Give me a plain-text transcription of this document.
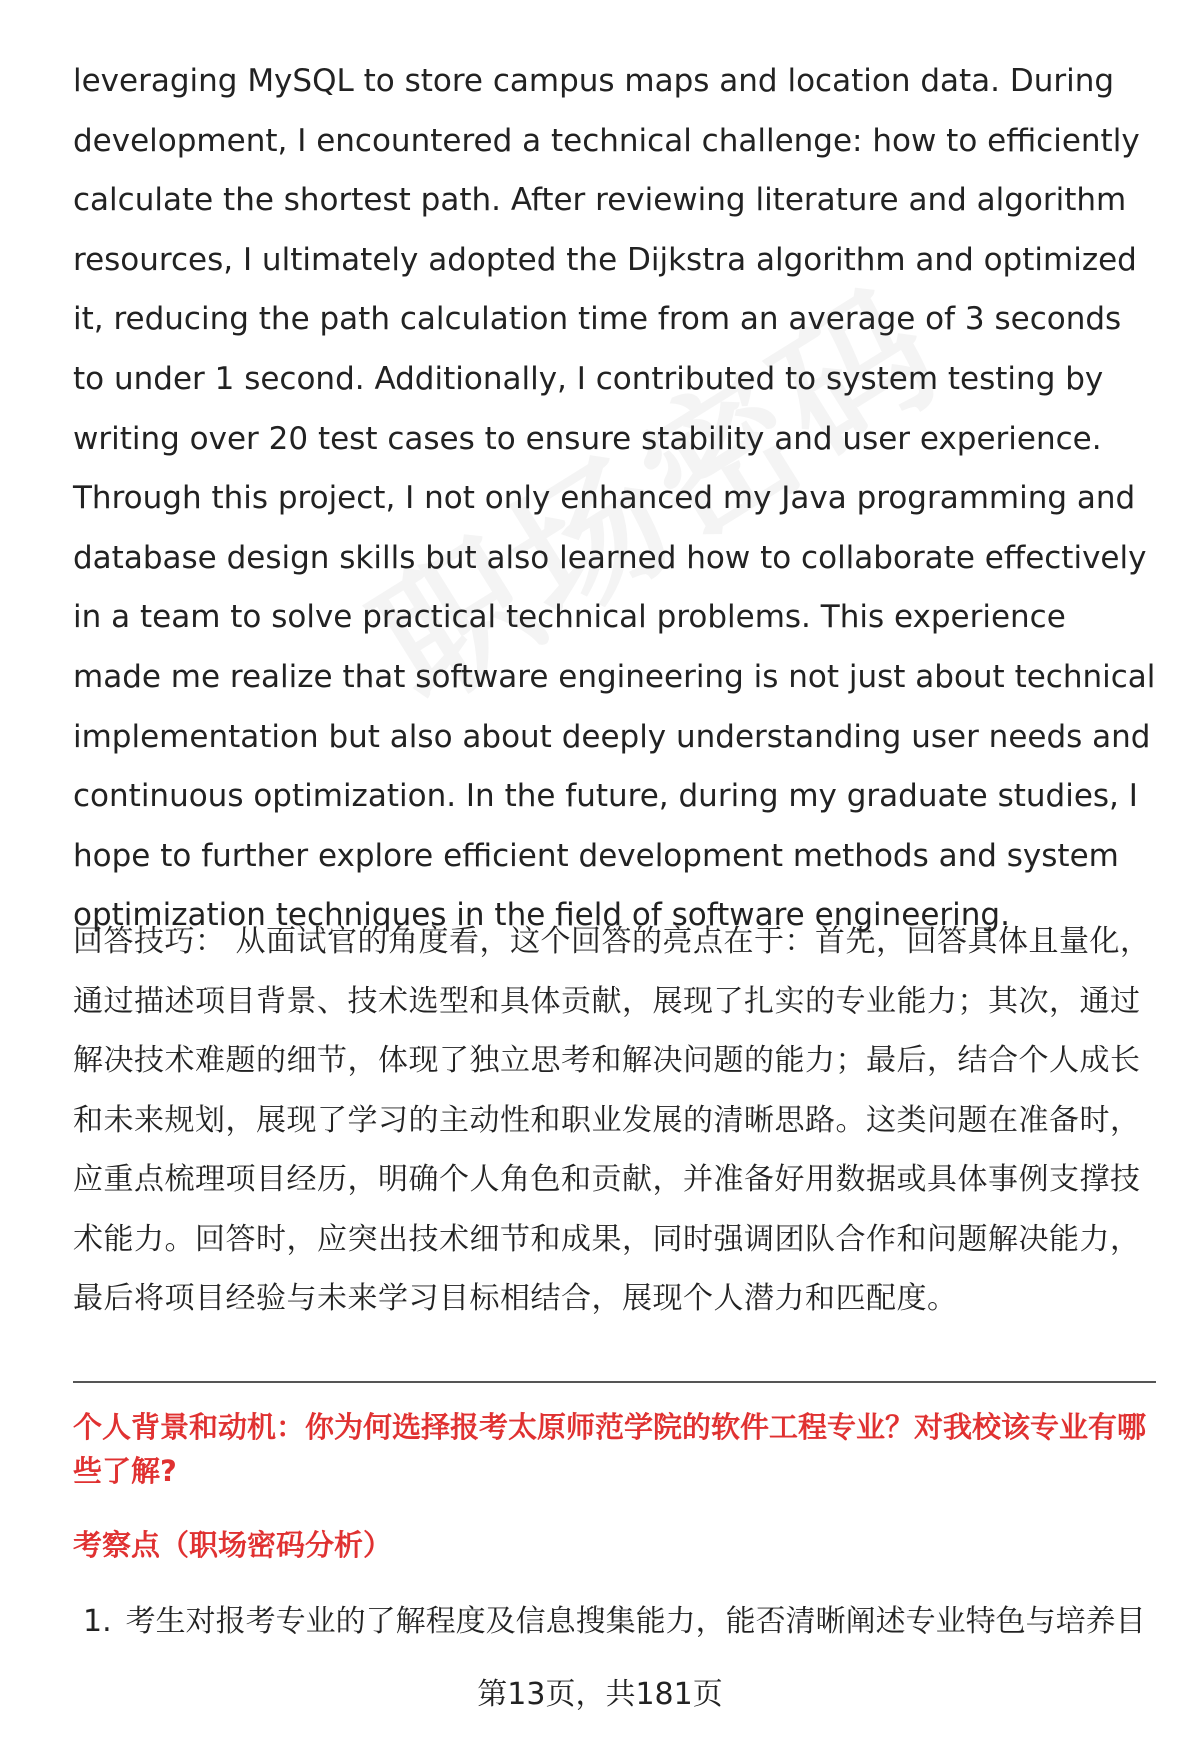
leveraging MySQL to store campus maps and location data. During development, I encountered a technical challenge: how to efficiently calculate the shortest path. After reviewing literature and algorithm resources, I ultimately adopted the Dijkstra algorithm and optimized it, reducing the path calculation time from an average of 3 seconds to under 1 second. Additionally, I contributed to system testing by writing over 20 test cases to ensure stability and user experience. Through this project, I not only enhanced my Java programming and database design skills but also learned how to collaborate effectively in a team to solve practical technical problems. This experience made me realize that software engineering is not just about technical implementation but also about deeply understanding user needs and continuous optimization. In the future, during my graduate studies, I hope to further explore efficient development methods and system optimization techniques in the field of software engineering.

回答技巧： 从面试官的角度看，这个回答的亮点在于：首先，回答具体且量化，通过描述项目背景、技术选型和具体贡献，展现了扎实的专业能力；其次，通过解决技术难题的细节，体现了独立思考和解决问题的能力；最后，结合个人成长和未来规划，展现了学习的主动性和职业发展的清晰思路。这类问题在准备时，应重点梳理项目经历，明确个人角色和贡献，并准备好用数据或具体事例支撑技术能力。回答时，应突出技术细节和成果，同时强调团队合作和问题解决能力，最后将项目经验与未来学习目标相结合，展现个人潜力和匹配度。

个人背景和动机：你为何选择报考太原师范学院的软件工程专业？对我校该专业有哪些了解?

考察点（职场密码分析）

1. 考生对报考专业的了解程度及信息搜集能力，能否清晰阐述专业特色与培养目
第13页，共181页
